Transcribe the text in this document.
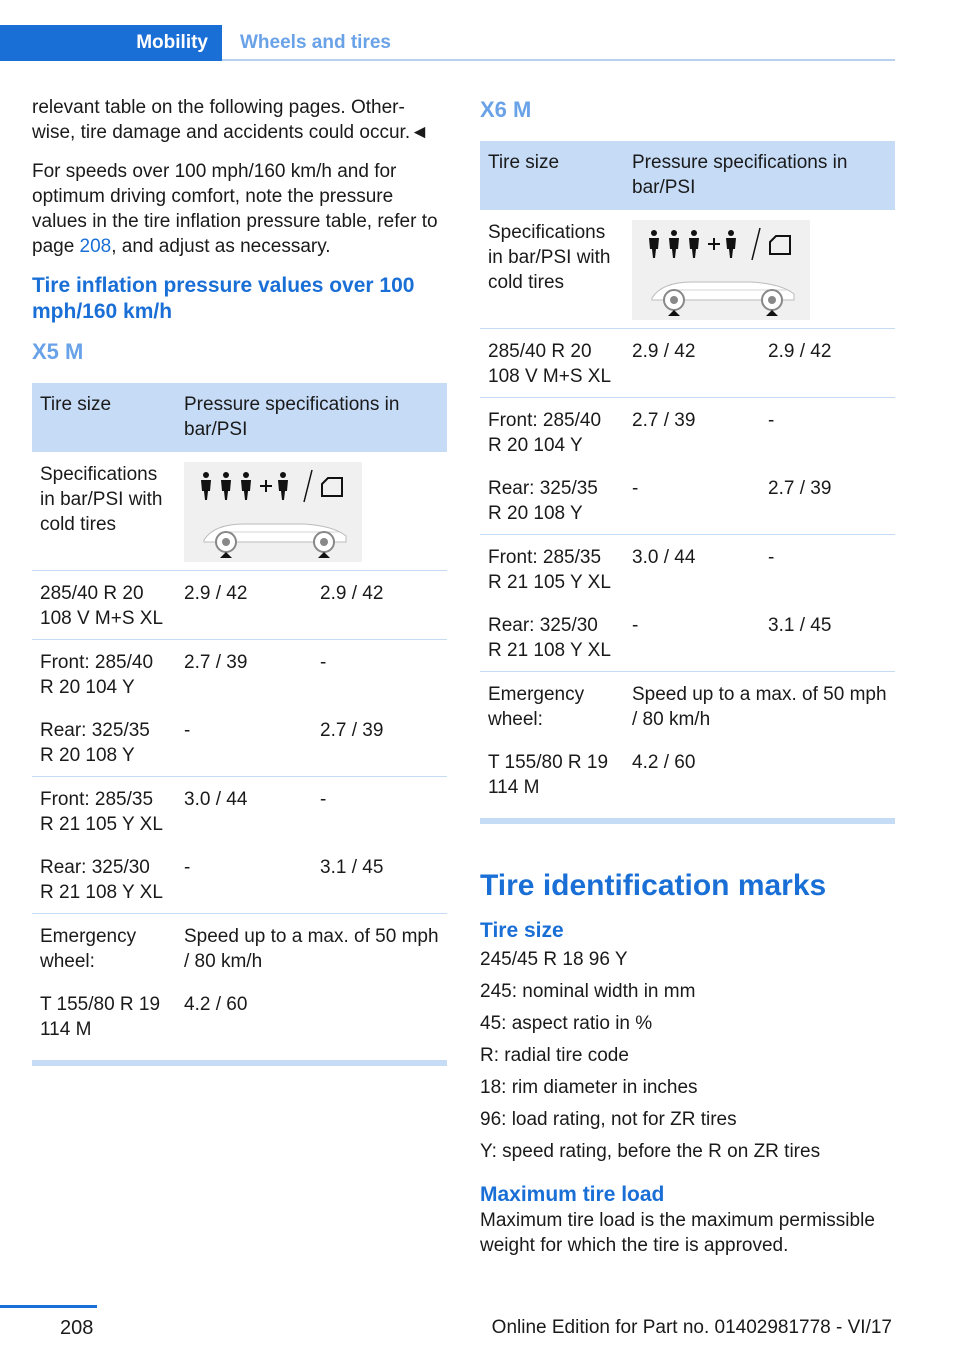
Mobility	Wheels and tires

relevant table on the following pages. Other‐wise, tire damage and accidents could occur.◄

For speeds over 100 mph/160 km/h and for optimum driving comfort, note the pressure values in the tire inflation pressure table, refer to page 208, and adjust as necessary.

Tire inflation pressure values over 100 mph/160 km/h
X5 M
Tire size	Pressure specifications in bar/PSI	
Specifications in bar/PSI with cold tires	

285/40 R 20 108 V M+S XL	2.9 / 42	2.9 / 42
Front: 285/40 R 20 104 Y	2.7 / 39	-
Rear: 325/35 R 20 108 Y	-	2.7 / 39
Front: 285/35 R 21 105 Y XL	3.0 / 44	-
Rear: 325/30 R 21 108 Y XL	-	3.1 / 45
Emergency wheel:	Speed up to a max. of 50 mph / 80 km/h	
T 155/80 R 19 114 M	4.2 / 60	
X6 M
Tire size	Pressure specifications in bar/PSI	
Specifications in bar/PSI with cold tires	

285/40 R 20 108 V M+S XL	2.9 / 42	2.9 / 42
Front: 285/40 R 20 104 Y	2.7 / 39	-
Rear: 325/35 R 20 108 Y	-	2.7 / 39
Front: 285/35 R 21 105 Y XL	3.0 / 44	-
Rear: 325/30 R 21 108 Y XL	-	3.1 / 45
Emergency wheel:	Speed up to a max. of 50 mph / 80 km/h	
T 155/80 R 19 114 M	4.2 / 60	
Tire identification marks
Tire size
245/45 R 18 96 Y
245: nominal width in mm
45: aspect ratio in %
R: radial tire code
18: rim diameter in inches
96: load rating, not for ZR tires
Y: speed rating, before the R on ZR tires
Maximum tire load
Maximum tire load is the maximum permissible weight for which the tire is approved.
208	Online Edition for Part no. 01402981778 - VI/17
